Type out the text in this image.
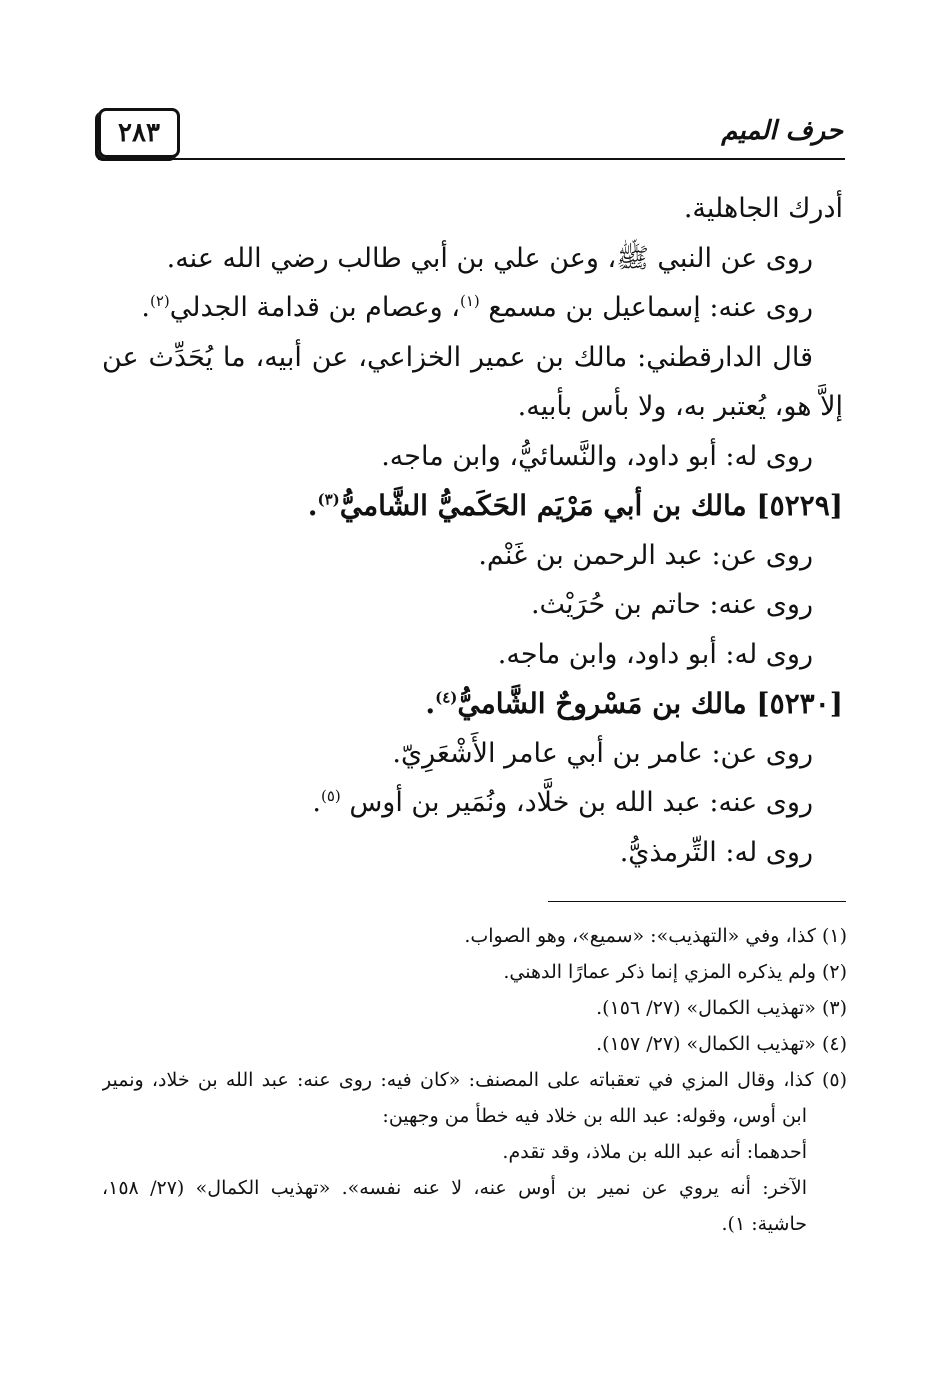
٢٨٣	حرف الميم
أدرك الجاهلية.
روى عن النبي ﷺ، وعن علي بن أبي طالب رضي الله عنه.
روى عنه: إسماعيل بن مسمع $^{(١)}$، وعصام بن قدامة الجدلي$^{(٢)}$.
قال الدارقطني: مالك بن عمير الخزاعي، عن أبيه، ما يُحَدِّث عن
إلاَّ هو، يُعتبر به، ولا بأس بأبيه.
روى له: أبو داود، والنَّسائيُّ، وابن ماجه.
[٥٢٢٩] مالك بن أبي مَرْيَم الحَكَميُّ الشَّاميُّ$^{(٣)}$.
روى عن: عبد الرحمن بن غَنْم.
روى عنه: حاتم بن حُرَيْث.
روى له: أبو داود، وابن ماجه.
[٥٢٣٠] مالك بن مَسْروحٌ الشَّاميُّ$^{(٤)}$.
روى عن: عامر بن أبي عامر الأَشْعَرِيّ.
روى عنه: عبد الله بن خلَّاد، ونُمَير بن أوس $^{(٥)}$.
روى له: التِّرمذيُّ.
(١) كذا، وفي «التهذيب»: «سميع»، وهو الصواب.
(٢) ولم يذكره المزي إنما ذكر عمارًا الدهني.
(٣) «تهذيب الكمال» (٢٧/ ١٥٦).
(٤) «تهذيب الكمال» (٢٧/ ١٥٧).
(٥) كذا، وقال المزي في تعقباته على المصنف: «كان فيه: روى عنه: عبد الله بن خلاد، ونمير
ابن أوس، وقوله: عبد الله بن خلاد فيه خطأ من وجهين:
أحدهما: أنه عبد الله بن ملاذ، وقد تقدم.
الآخر: أنه يروي عن نمير بن أوس عنه، لا عنه نفسه». «تهذيب الكمال» (٢٧/ ١٥٨،
حاشية: ١).
